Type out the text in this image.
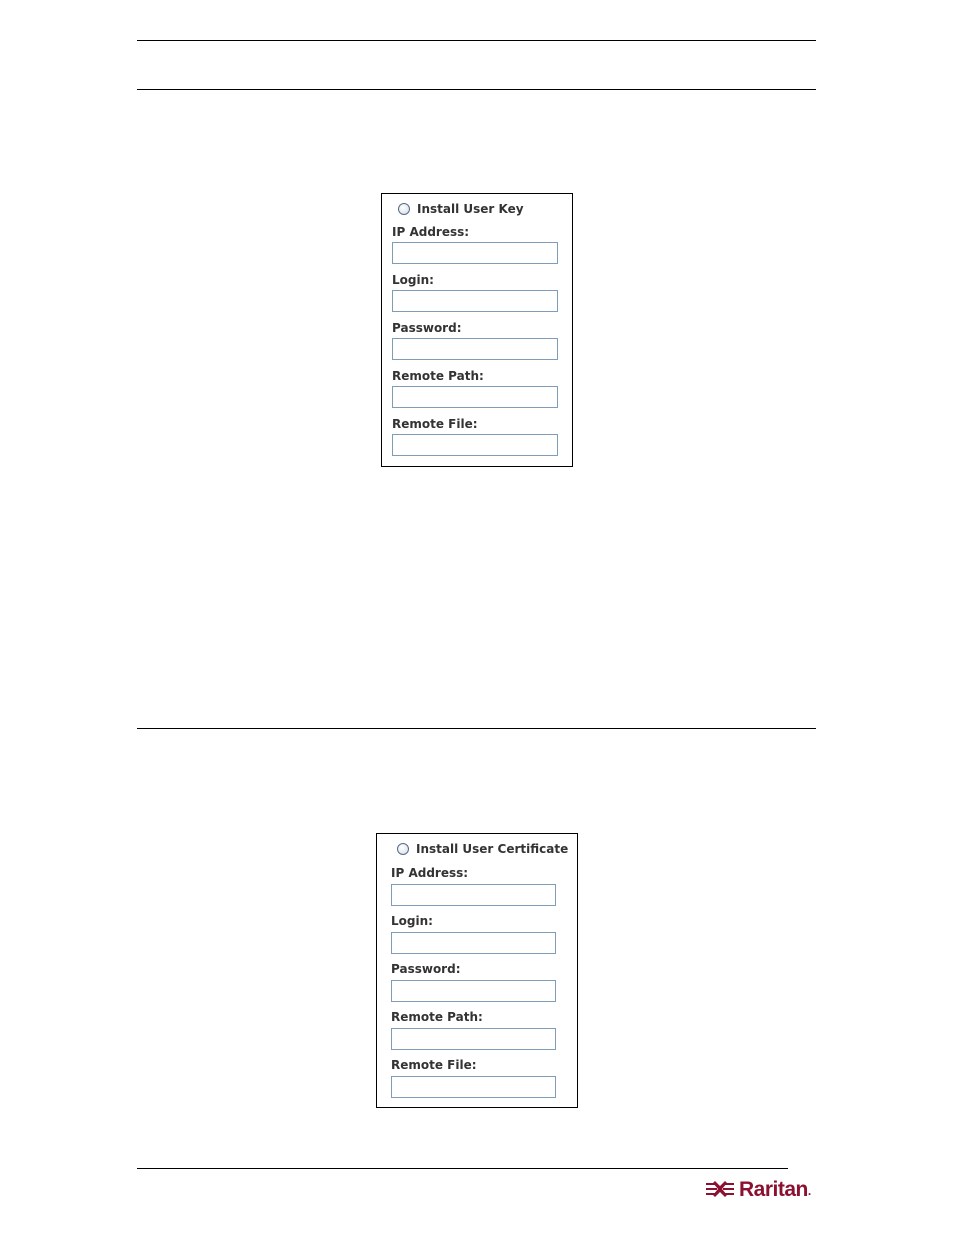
Install User Key
IP Address:
Login:
Password:
Remote Path:
Remote File:
Install User Certificate
IP Address:
Login:
Password:
Remote Path:
Remote File:
Raritan .
